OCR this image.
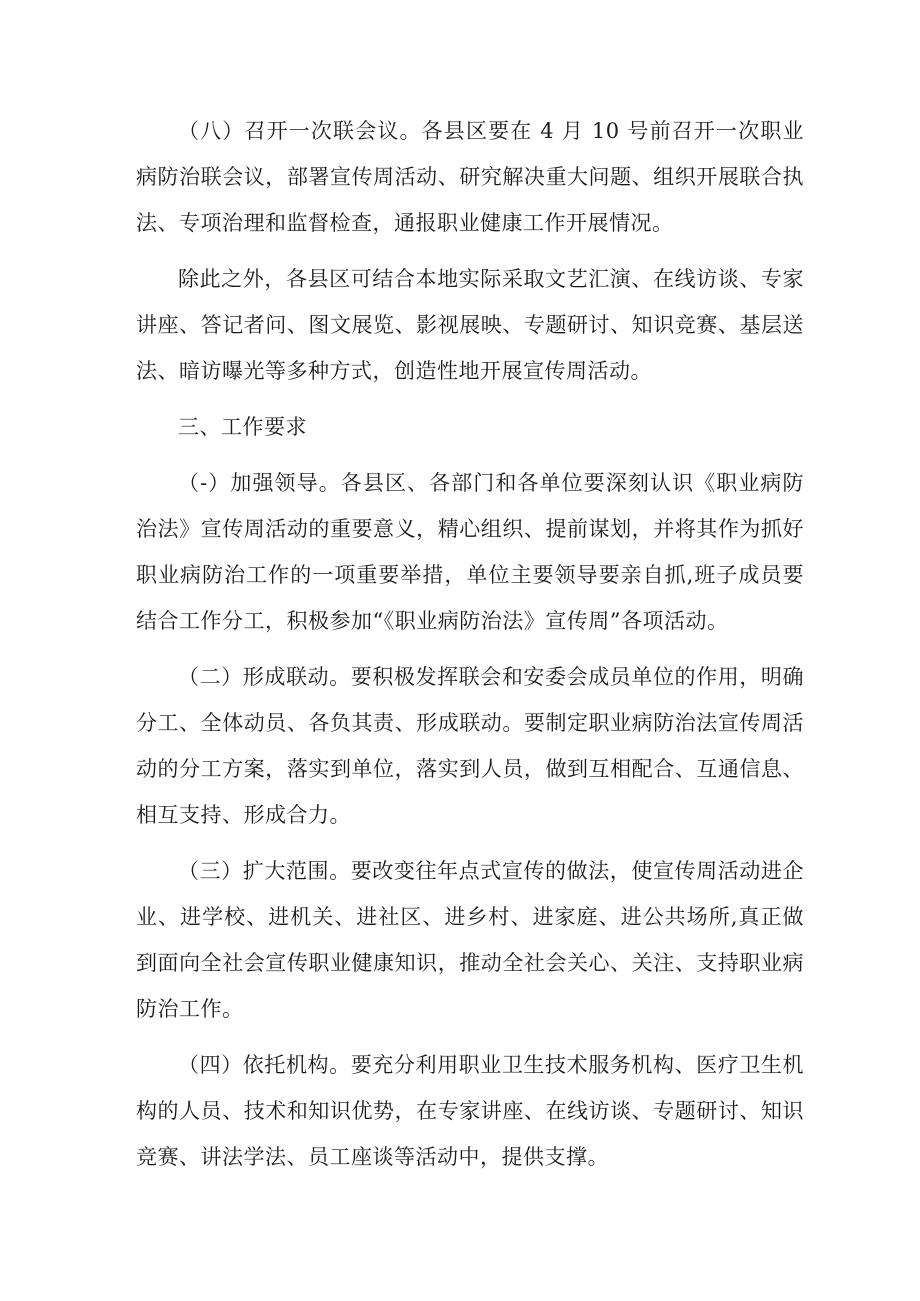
（八）召开一次联会议。各县区要在 4 月 10 号前召开一次职业病防治联会议，部署宣传周活动、研究解决重大问题、组织开展联合执法、专项治理和监督检查，通报职业健康工作开展情况。

除此之外，各县区可结合本地实际采取文艺汇演、在线访谈、专家讲座、答记者问、图文展览、影视展映、专题研讨、知识竞赛、基层送法、暗访曝光等多种方式，创造性地开展宣传周活动。

三、工作要求

（-）加强领导。各县区、各部门和各单位要深刻认识《职业病防治法》宣传周活动的重要意义，精心组织、提前谋划，并将其作为抓好职业病防治工作的一项重要举措，单位主要领导要亲自抓,班子成员要结合工作分工，积极参加“《职业病防治法》宣传周”各项活动。

（二）形成联动。要积极发挥联会和安委会成员单位的作用，明确分工、全体动员、各负其责、形成联动。要制定职业病防治法宣传周活动的分工方案，落实到单位，落实到人员，做到互相配合、互通信息、相互支持、形成合力。

（三）扩大范围。要改变往年点式宣传的做法，使宣传周活动进企业、进学校、进机关、进社区、进乡村、进家庭、进公共场所,真正做到面向全社会宣传职业健康知识，推动全社会关心、关注、支持职业病防治工作。

（四）依托机构。要充分利用职业卫生技术服务机构、医疗卫生机构的人员、技术和知识优势，在专家讲座、在线访谈、专题研讨、知识竞赛、讲法学法、员工座谈等活动中，提供支撑。
